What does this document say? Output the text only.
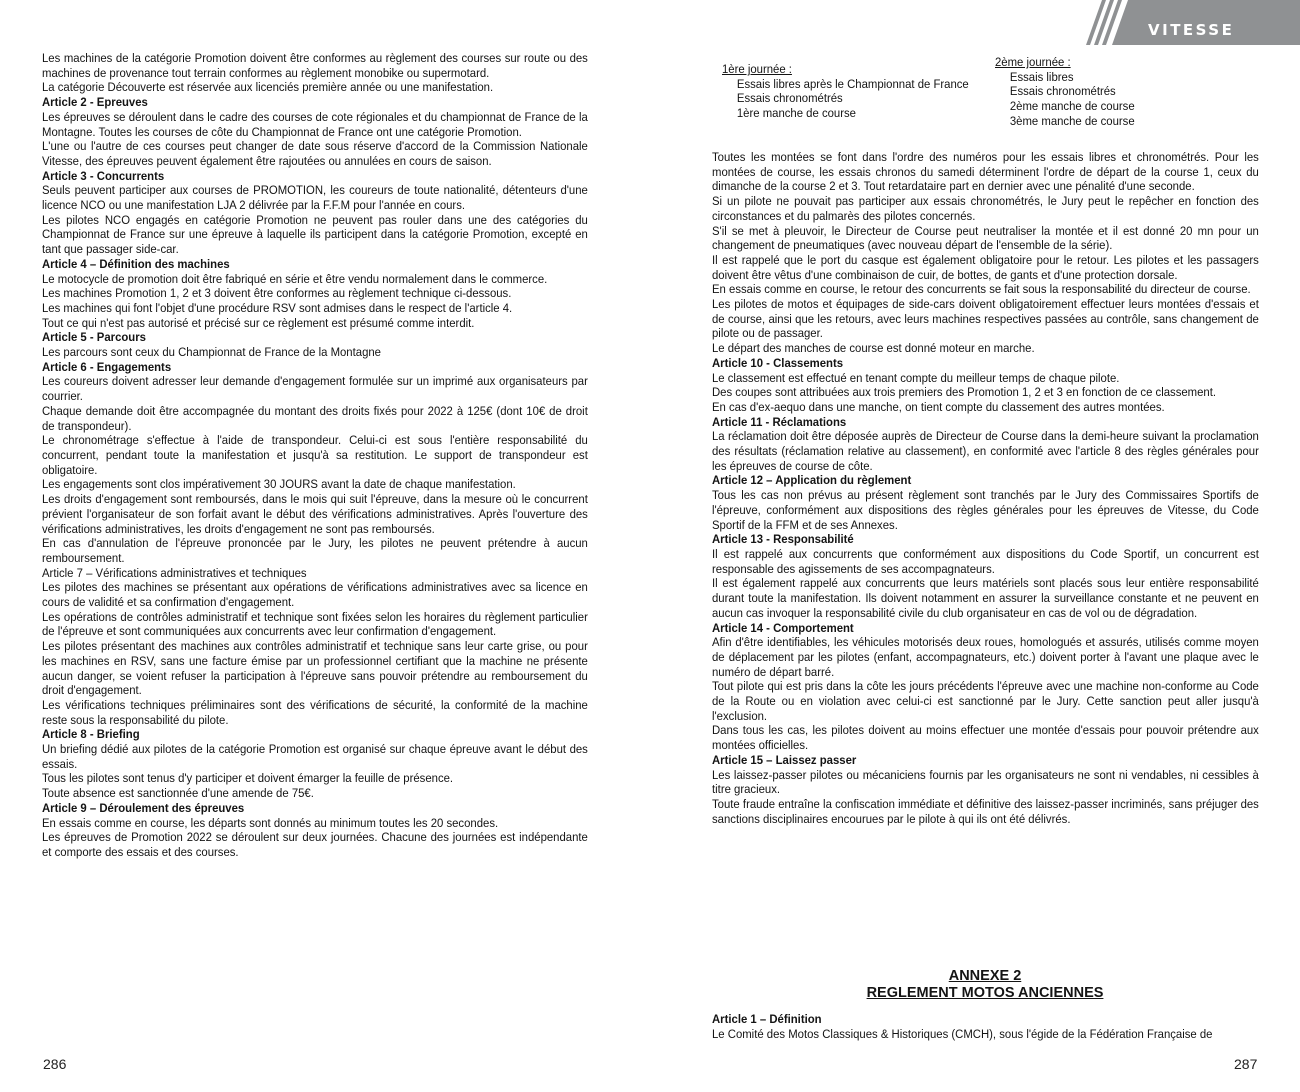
VITESSE
Les machines de la catégorie Promotion doivent être conformes au règlement des courses sur route ou des machines de provenance tout terrain conformes au règlement monobike ou supermotard.
La catégorie Découverte est réservée aux licenciés première année ou une manifestation.
Article 2 - Epreuves
Les épreuves se déroulent dans le cadre des courses de cote régionales et du championnat de France de la Montagne. Toutes les courses de côte du Championnat de France ont une catégorie Promotion.
L'une ou l'autre de ces courses peut changer de date sous réserve d'accord de la Commission Nationale Vitesse, des épreuves peuvent également être rajoutées ou annulées en cours de saison.
Article 3 - Concurrents
Seuls peuvent participer aux courses de PROMOTION, les coureurs de toute nationalité, détenteurs d'une licence NCO ou une manifestation LJA 2 délivrée par la F.F.M pour l'année en cours.
Les pilotes NCO engagés en catégorie Promotion ne peuvent pas rouler dans une des catégories du Championnat de France sur une épreuve à laquelle ils participent dans la catégorie Promotion, excepté en tant que passager side-car.
Article 4 – Définition des machines
Le motocycle de promotion doit être fabriqué en série et être vendu normalement dans le commerce.
Les machines Promotion 1, 2 et 3 doivent être conformes au règlement technique ci-dessous.
Les machines qui font l'objet d'une procédure RSV sont admises dans le respect de l'article 4.
Tout ce qui n'est pas autorisé et précisé sur ce règlement est présumé comme interdit.
Article 5 - Parcours
Les parcours sont ceux du Championnat de France de la Montagne
Article 6 - Engagements
Les coureurs doivent adresser leur demande d'engagement formulée sur un imprimé aux organisateurs par courrier.
Chaque demande doit être accompagnée du montant des droits fixés pour 2022 à 125€ (dont 10€ de droit de transpondeur).
Le chronométrage s'effectue à l'aide de transpondeur. Celui-ci est sous l'entière responsabilité du concurrent, pendant toute la manifestation et jusqu'à sa restitution. Le support de transpondeur est obligatoire.
Les engagements sont clos impérativement 30 JOURS avant la date de chaque manifestation.
Les droits d'engagement sont remboursés, dans le mois qui suit l'épreuve, dans la mesure où le concurrent prévient l'organisateur de son forfait avant le début des vérifications administratives. Après l'ouverture des vérifications administratives, les droits d'engagement ne sont pas remboursés.
En cas d'annulation de l'épreuve prononcée par le Jury, les pilotes ne peuvent prétendre à aucun remboursement.
Article 7 – Vérifications administratives et techniques
Les pilotes des machines se présentant aux opérations de vérifications administratives avec sa licence en cours de validité et sa confirmation d'engagement.
Les opérations de contrôles administratif et technique sont fixées selon les horaires du règlement particulier de l'épreuve et sont communiquées aux concurrents avec leur confirmation d'engagement.
Les pilotes présentant des machines aux contrôles administratif et technique sans leur carte grise, ou pour les machines en RSV, sans une facture émise par un professionnel certifiant que la machine ne présente aucun danger, se voient refuser la participation à l'épreuve sans pouvoir prétendre au remboursement du droit d'engagement.
Les vérifications techniques préliminaires sont des vérifications de sécurité, la conformité de la machine reste sous la responsabilité du pilote.
Article 8 - Briefing
Un briefing dédié aux pilotes de la catégorie Promotion est organisé sur chaque épreuve avant le début des essais.
Tous les pilotes sont tenus d'y participer et doivent émarger la feuille de présence.
Toute absence est sanctionnée d'une amende de 75€.
Article 9 – Déroulement des épreuves
En essais comme en course, les départs sont donnés au minimum toutes les 20 secondes.
Les épreuves de Promotion 2022 se déroulent sur deux journées. Chacune des journées est indépendante et comporte des essais et des courses.
286
Toutes les montées se font dans l'ordre des numéros pour les essais libres et chronométrés. Pour les montées de course, les essais chronos du samedi déterminent l'ordre de départ de la course 1, ceux du dimanche de la course 2 et 3. Tout retardataire part en dernier avec une pénalité d'une seconde.
Si un pilote ne pouvait pas participer aux essais chronométrés, le Jury peut le repêcher en fonction des circonstances et du palmarès des pilotes concernés.
S'il se met à pleuvoir, le Directeur de Course peut neutraliser la montée et il est donné 20 mn pour un changement de pneumatiques (avec nouveau départ de l'ensemble de la série).
Il est rappelé que le port du casque est également obligatoire pour le retour. Les pilotes et les passagers doivent être vêtus d'une combinaison de cuir, de bottes, de gants et d'une protection dorsale.
En essais comme en course, le retour des concurrents se fait sous la responsabilité du directeur de course.
Les pilotes de motos et équipages de side-cars doivent obligatoirement effectuer leurs montées d'essais et de course, ainsi que les retours, avec leurs machines respectives passées au contrôle, sans changement de pilote ou de passager.
Le départ des manches de course est donné moteur en marche.
Article 10 - Classements
Le classement est effectué en tenant compte du meilleur temps de chaque pilote.
Des coupes sont attribuées aux trois premiers des Promotion 1, 2 et 3 en fonction de ce classement.
En cas d'ex-aequo dans une manche, on tient compte du classement des autres montées.
Article 11 - Réclamations
La réclamation doit être déposée auprès de Directeur de Course dans la demi-heure suivant la proclamation des résultats (réclamation relative au classement), en conformité avec l'article 8 des règles générales pour les épreuves de course de côte.
Article 12 – Application du règlement
Tous les cas non prévus au présent règlement sont tranchés par le Jury des Commissaires Sportifs de l'épreuve, conformément aux dispositions des règles générales pour les épreuves de Vitesse, du Code Sportif de la FFM et de ses Annexes.
Article 13 - Responsabilité
Il est rappelé aux concurrents que conformément aux dispositions du Code Sportif, un concurrent est responsable des agissements de ses accompagnateurs.
Il est également rappelé aux concurrents que leurs matériels sont placés sous leur entière responsabilité durant toute la manifestation. Ils doivent notamment en assurer la surveillance constante et ne peuvent en aucun cas invoquer la responsabilité civile du club organisateur en cas de vol ou de dégradation.
Article 14 - Comportement
Afin d'être identifiables, les véhicules motorisés deux roues, homologués et assurés, utilisés comme moyen de déplacement par les pilotes (enfant, accompagnateurs, etc.) doivent porter à l'avant une plaque avec le numéro de départ barré.
Tout pilote qui est pris dans la côte les jours précédents l'épreuve avec une machine non-conforme au Code de la Route ou en violation avec celui-ci est sanctionné par le Jury. Cette sanction peut aller jusqu'à l'exclusion.
Dans tous les cas, les pilotes doivent au moins effectuer une montée d'essais pour pouvoir prétendre aux montées officielles.
Article 15 – Laissez passer
Les laissez-passer pilotes ou mécaniciens fournis par les organisateurs ne sont ni vendables, ni cessibles à titre gracieux.
Toute fraude entraîne la confiscation immédiate et définitive des laissez-passer incriminés, sans préjuger des sanctions disciplinaires encourues par le pilote à qui ils ont été délivrés.
287
1ère journée :
Essais libres après le Championnat de France
Essais chronométrés
1ère manche de course
2ème journée :
Essais libres
Essais chronométrés
2ème manche de course
3ème manche de course
ANNEXE 2
REGLEMENT MOTOS ANCIENNES

Article 1 – Définition
Le Comité des Motos Classiques & Historiques (CMCH), sous l'égide de la Fédération Française de
